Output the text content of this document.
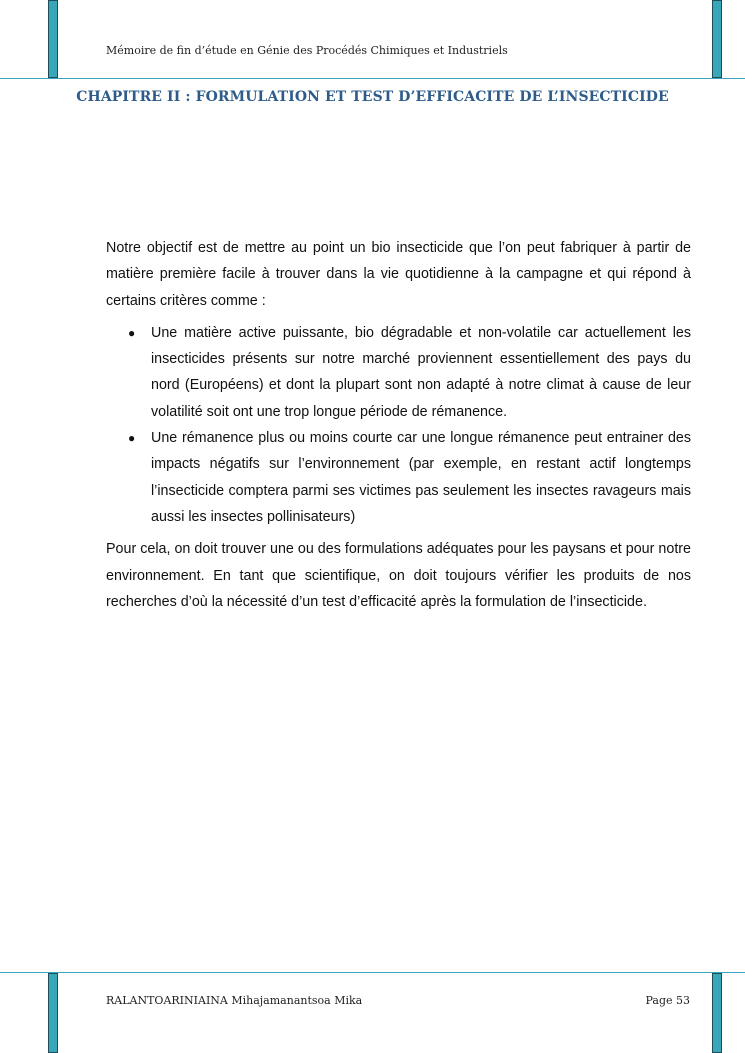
Mémoire de fin d’étude en Génie des Procédés Chimiques et Industriels
CHAPITRE II : FORMULATION ET TEST D’EFFICACITE DE L’INSECTICIDE

Notre objectif est de mettre au point un bio insecticide que l’on peut fabriquer à partir de matière première facile à trouver dans la vie quotidienne à la campagne et qui répond à certains critères comme :

● Une matière active puissante, bio dégradable et non-volatile car actuellement les insecticides présents sur notre marché proviennent essentiellement des pays du nord (Européens) et dont la plupart sont non adapté à notre climat à cause de leur volatilité soit ont une trop longue période de rémanence.
● Une rémanence plus ou moins courte car une longue rémanence peut entrainer des impacts négatifs sur l’environnement (par exemple, en restant actif longtemps l’insecticide comptera parmi ses victimes pas seulement les insectes ravageurs mais aussi les insectes pollinisateurs)

Pour cela, on doit trouver une ou des formulations adéquates pour les paysans et pour notre environnement. En tant que scientifique, on doit toujours vérifier les produits de nos recherches d’où la nécessité d’un test d’efficacité après la formulation de l’insecticide.

RALANTOARINIAINA Mihajamanantsoa Mika	Page 53
